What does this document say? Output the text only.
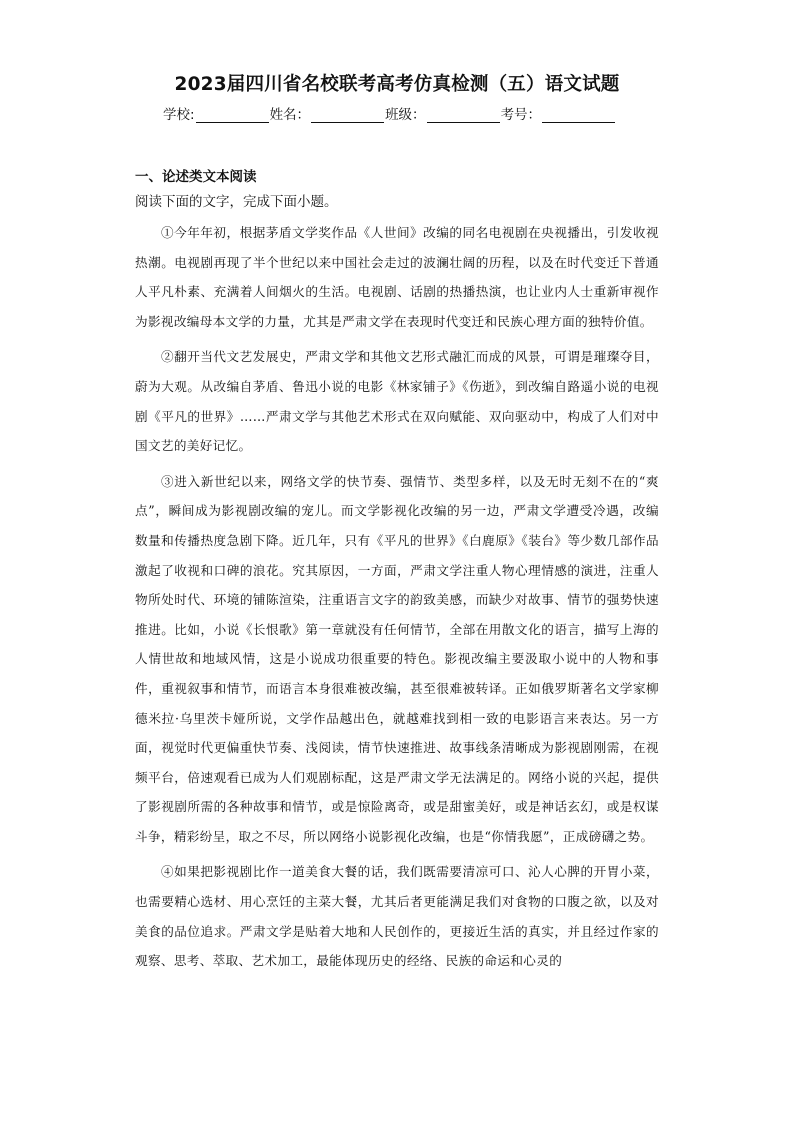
2023届四川省名校联考高考仿真检测（五）语文试题
学校:	姓名：	班级：	考号：
一、论述类文本阅读
阅读下面的文字，完成下面小题。

①今年年初，根据茅盾文学奖作品《人世间》改编的同名电视剧在央视播出，引发收视热潮。电视剧再现了半个世纪以来中国社会走过的波澜壮阔的历程，以及在时代变迁下普通人平凡朴素、充满着人间烟火的生活。电视剧、话剧的热播热演，也让业内人士重新审视作为影视改编母本文学的力量，尤其是严肃文学在表现时代变迁和民族心理方面的独特价值。

②翻开当代文艺发展史，严肃文学和其他文艺形式融汇而成的风景，可谓是璀璨夺目，蔚为大观。从改编自茅盾、鲁迅小说的电影《林家铺子》《伤逝》，到改编自路遥小说的电视剧《平凡的世界》……严肃文学与其他艺术形式在双向赋能、双向驱动中，构成了人们对中国文艺的美好记忆。

③进入新世纪以来，网络文学的快节奏、强情节、类型多样，以及无时无刻不在的“爽点”，瞬间成为影视剧改编的宠儿。而文学影视化改编的另一边，严肃文学遭受冷遇，改编数量和传播热度急剧下降。近几年，只有《平凡的世界》《白鹿原》《装台》等少数几部作品激起了收视和口碑的浪花。究其原因，一方面，严肃文学注重人物心理情感的演进，注重人物所处时代、环境的铺陈渲染，注重语言文字的韵致美感，而缺少对故事、情节的强势快速推进。比如，小说《长恨歌》第一章就没有任何情节，全部在用散文化的语言，描写上海的人情世故和地域风情，这是小说成功很重要的特色。影视改编主要汲取小说中的人物和事件，重视叙事和情节，而语言本身很难被改编，甚至很难被转译。正如俄罗斯著名文学家柳德米拉·乌里茨卡娅所说，文学作品越出色，就越难找到相一致的电影语言来表达。另一方面，视觉时代更偏重快节奏、浅阅读，情节快速推进、故事线条清晰成为影视剧刚需，在视频平台，倍速观看已成为人们观剧标配，这是严肃文学无法满足的。网络小说的兴起，提供了影视剧所需的各种故事和情节，或是惊险离奇，或是甜蜜美好，或是神话玄幻，或是权谋斗争，精彩纷呈，取之不尽，所以网络小说影视化改编，也是“你情我愿”，正成磅礴之势。

④如果把影视剧比作一道美食大餐的话，我们既需要清凉可口、沁人心脾的开胃小菜，也需要精心选材、用心烹饪的主菜大餐，尤其后者更能满足我们对食物的口腹之欲，以及对美食的品位追求。严肃文学是贴着大地和人民创作的，更接近生活的真实，并且经过作家的观察、思考、萃取、艺术加工，最能体现历史的经络、民族的命运和心灵的
